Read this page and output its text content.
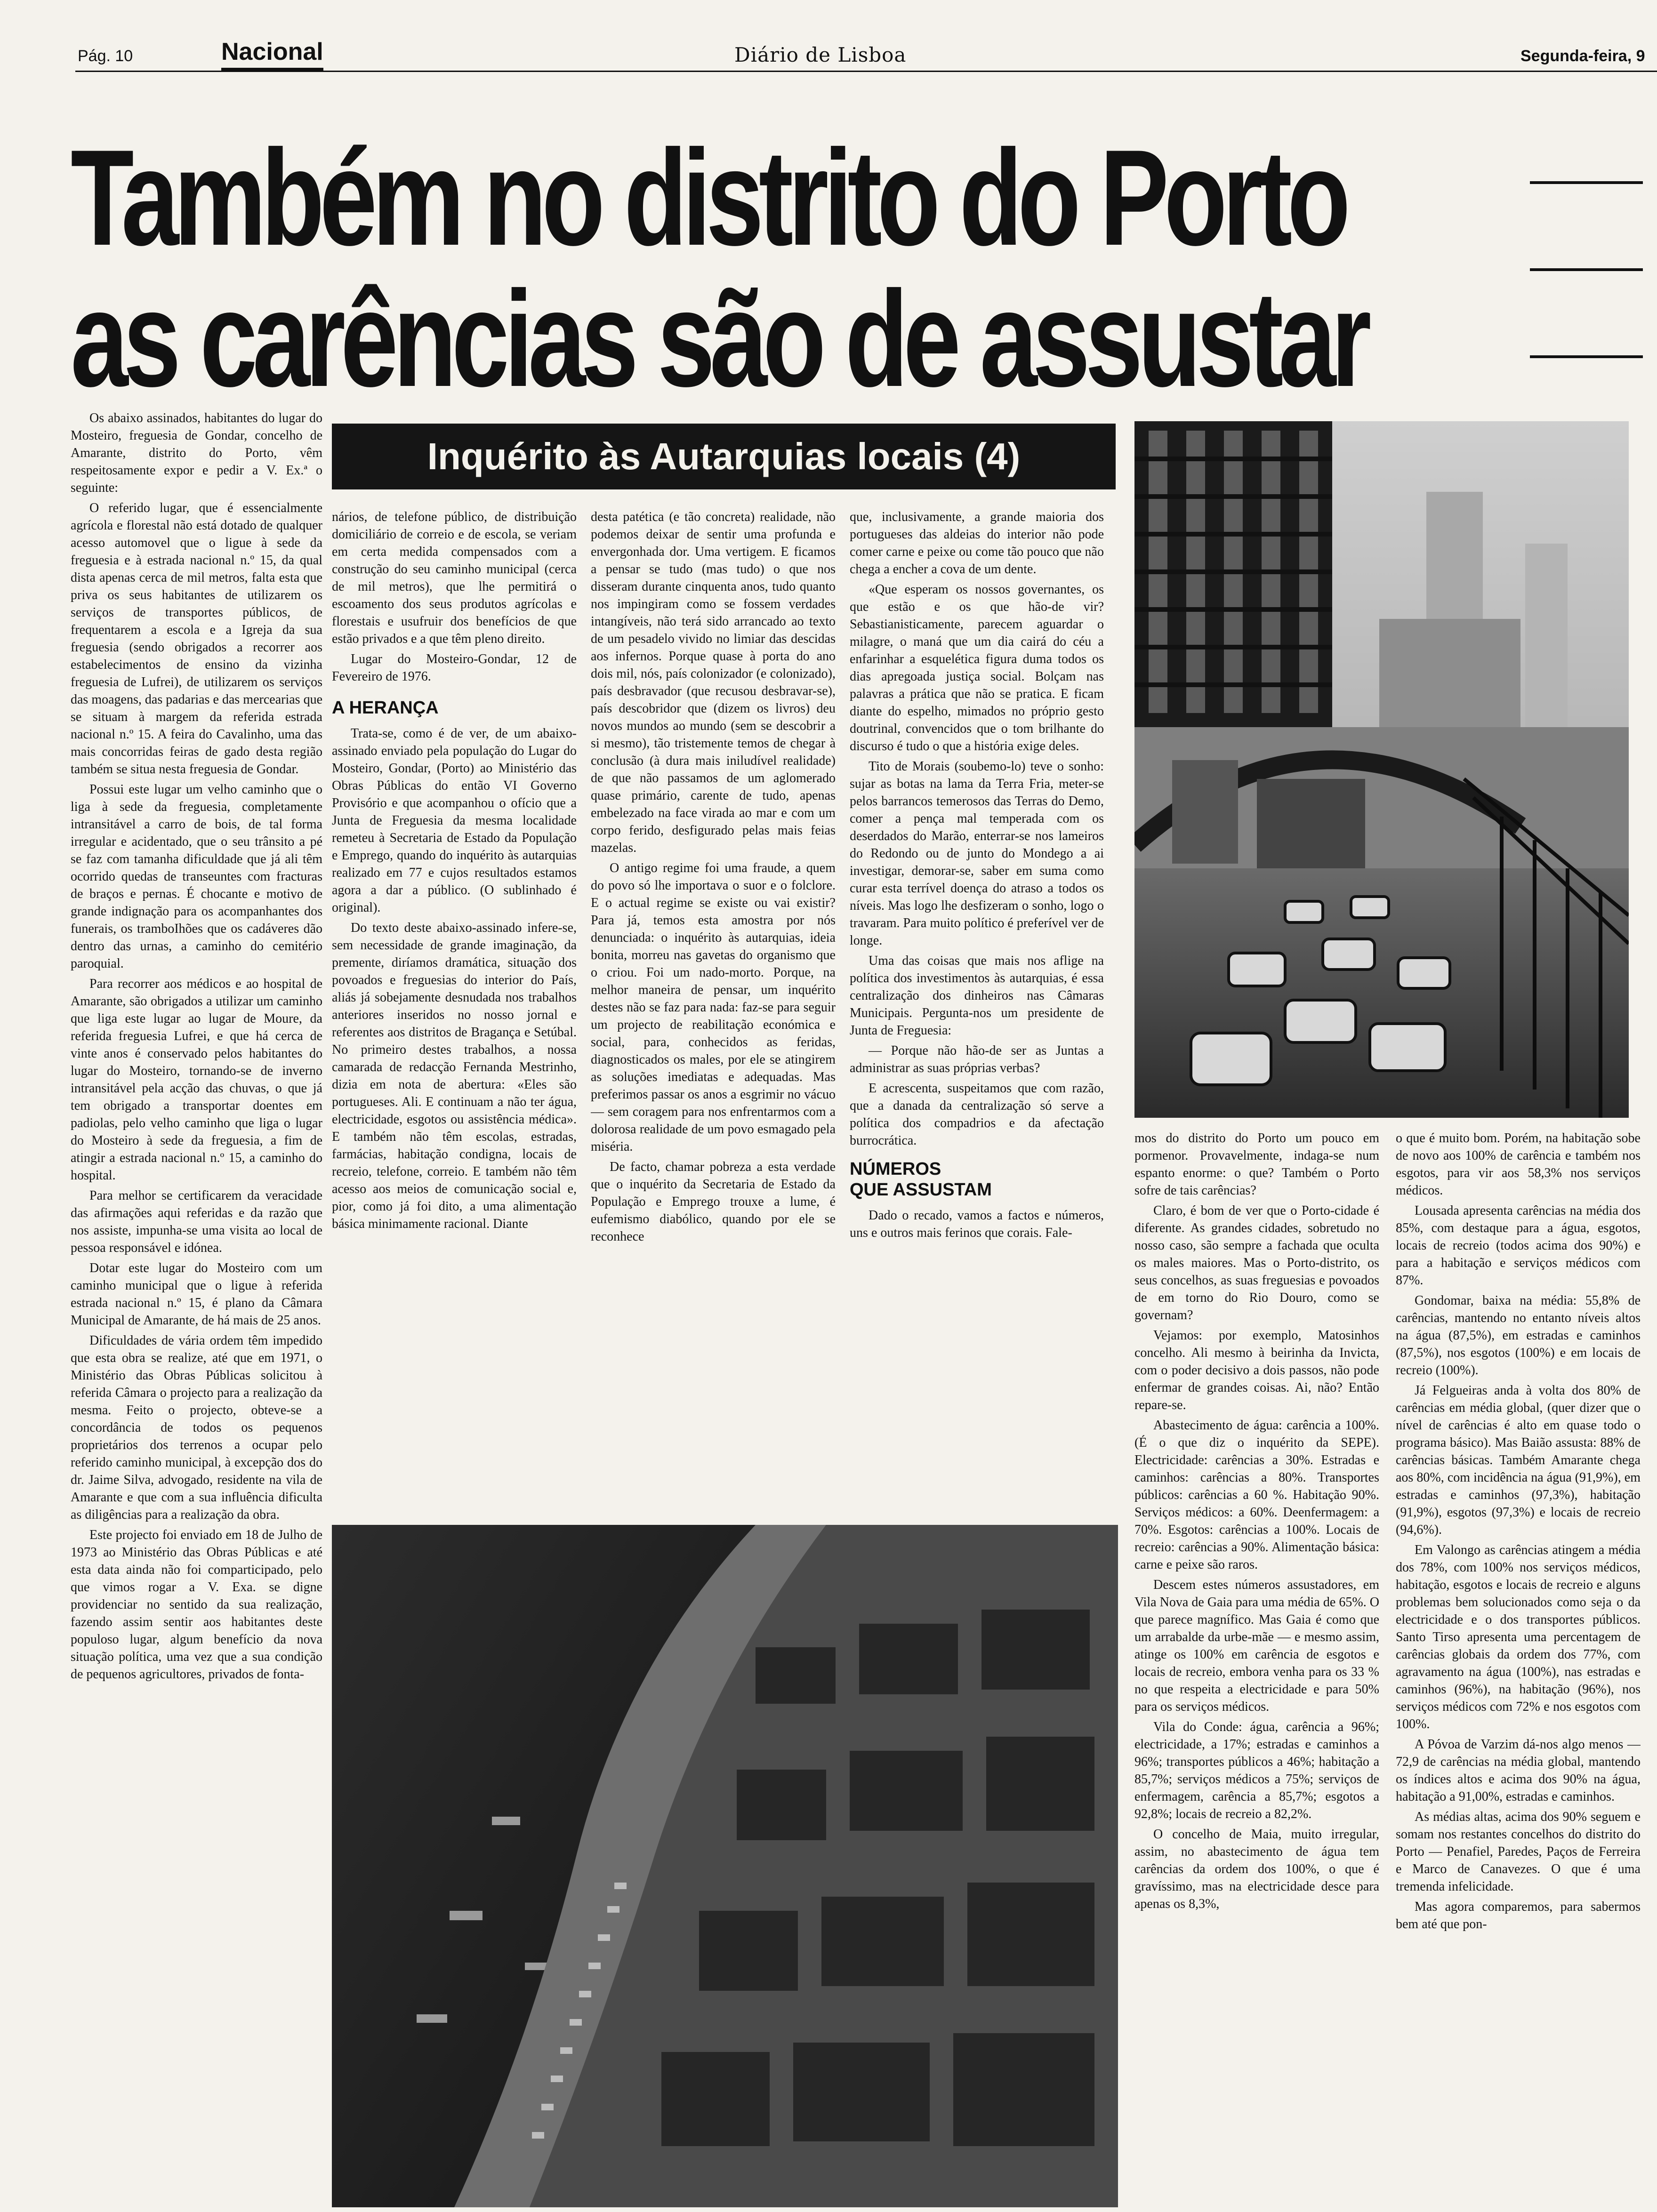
Pág. 10	Nacional	Diário de Lisboa	Segunda-feira, 9
Também no distrito do Porto
as carências são de assustar
Inquérito às Autarquias locais (4)

Os abaixo assinados, habitantes do lugar do Mosteiro, freguesia de Gondar, concelho de Amarante, distrito do Porto, vêm respeitosamente expor e pedir a V. Ex.ª o seguinte:

O referido lugar, que é essencialmente agrícola e florestal não está dotado de qualquer acesso automovel que o ligue à sede da freguesia e à estrada nacional n.º 15, da qual dista apenas cerca de mil metros, falta esta que priva os seus habitantes de utilizarem os serviços de transportes públicos, de frequentarem a escola e a Igreja da sua freguesia (sendo obrigados a recorrer aos estabelecimentos de ensino da vizinha freguesia de Lufrei), de utilizarem os serviços das moagens, das padarias e das mercearias que se situam à margem da referida estrada nacional n.º 15. A feira do Cavalinho, uma das mais concorridas feiras de gado desta região também se situa nesta freguesia de Gondar.

Possui este lugar um velho caminho que o liga à sede da freguesia, completamente intransitável a carro de bois, de tal forma irregular e acidentado, que o seu trânsito a pé se faz com tamanha dificuldade que já ali têm ocorrido quedas de transeuntes com fracturas de braços e pernas. É chocante e motivo de grande indignação para os acompanhantes dos funerais, os tramboIhões que os cadáveres dão dentro das urnas, a caminho do cemitério paroquial.

Para recorrer aos médicos e ao hospital de Amarante, são obrigados a utilizar um caminho que liga este lugar ao lugar de Moure, da referida freguesia Lufrei, e que há cerca de vinte anos é conservado pelos habitantes do lugar do Mosteiro, tornando-se de inverno intransitável pela acção das chuvas, o que já tem obrigado a transportar doentes em padiolas, pelo velho caminho que liga o lugar do Mosteiro à sede da freguesia, a fim de atingir a estrada nacional n.º 15, a caminho do hospital.

Para melhor se certificarem da veracidade das afirmações aqui referidas e da razão que nos assiste, impunha-se uma visita ao local de pessoa responsável e idónea.

Dotar este lugar do Mosteiro com um caminho municipal que o ligue à referida estrada nacional n.º 15, é plano da Câmara Municipal de Amarante, de há mais de 25 anos.

Dificuldades de vária ordem têm impedido que esta obra se realize, até que em 1971, o Ministério das Obras Públicas solicitou à referida Câmara o projecto para a realização da mesma. Feito o projecto, obteve-se a concordância de todos os pequenos proprietários dos terrenos a ocupar pelo referido caminho municipal, à excepção dos do dr. Jaime Silva, advogado, residente na vila de Amarante e que com a sua influência dificulta as diligências para a realização da obra.

Este projecto foi enviado em 18 de Julho de 1973 ao Ministério das Obras Públicas e até esta data ainda não foi comparticipado, pelo que vimos rogar a V. Exa. se digne providenciar no sentido da sua realização, fazendo assim sentir aos habitantes deste populoso lugar, algum benefício da nova situação política, uma vez que a sua condição de pequenos agricultores, privados de fonta-

nários, de telefone público, de distribuição domiciliário de correio e de escola, se veriam em certa medida compensados com a construção do seu caminho municipal (cerca de mil metros), que lhe permitirá o escoamento dos seus produtos agrícolas e florestais e usufruir dos benefícios de que estão privados e a que têm pleno direito.

Lugar do Mosteiro-Gondar, 12 de Fevereiro de 1976.

A HERANÇA

Trata-se, como é de ver, de um abaixo-assinado enviado pela população do Lugar do Mosteiro, Gondar, (Porto) ao Ministério das Obras Públicas do então VI Governo Provisório e que acompanhou o ofício que a Junta de Freguesia da mesma localidade remeteu à Secretaria de Estado da População e Emprego, quando do inquérito às autarquias realizado em 77 e cujos resultados estamos agora a dar a público. (O sublinhado é original).

Do texto deste abaixo-assinado infere-se, sem necessidade de grande imaginação, da premente, diríamos dramática, situação dos povoados e freguesias do interior do País, aliás já sobejamente desnudada nos trabalhos anteriores inseridos no nosso jornal e referentes aos distritos de Bragança e Setúbal. No primeiro destes trabalhos, a nossa camarada de redacção Fernanda Mestrinho, dizia em nota de abertura: «Eles são portugueses. Ali. E continuam a não ter água, electricidade, esgotos ou assistência médica». E também não têm escolas, estradas, farmácias, habitação condigna, locais de recreio, telefone, correio. E também não têm acesso aos meios de comunicação social e, pior, como já foi dito, a uma alimentação básica minimamente racional. Diante

desta patética (e tão concreta) realidade, não podemos deixar de sentir uma profunda e envergonhada dor. Uma vertigem. E ficamos a pensar se tudo (mas tudo) o que nos disseram durante cinquenta anos, tudo quanto nos impingiram como se fossem verdades intangíveis, não terá sido arrancado ao texto de um pesadelo vivido no limiar das descidas aos infernos. Porque quase à porta do ano dois mil, nós, país colonizador (e colonizado), país desbravador (que recusou desbravar-se), país descobridor que (dizem os livros) deu novos mundos ao mundo (sem se descobrir a si mesmo), tão tristemente temos de chegar à conclusão (à dura mais iniludível realidade) de que não passamos de um aglomerado quase primário, carente de tudo, apenas embelezado na face virada ao mar e com um corpo ferido, desfigurado pelas mais feias mazelas.

O antigo regime foi uma fraude, a quem do povo só lhe importava o suor e o folclore. E o actual regime se existe ou vai existir? Para já, temos esta amostra por nós denunciada: o inquérito às autarquias, ideia bonita, morreu nas gavetas do organismo que o criou. Foi um nado-morto. Porque, na melhor maneira de pensar, um inquérito destes não se faz para nada: faz-se para seguir um projecto de reabilitação económica e social, para, conhecidos as feridas, diagnosticados os males, por ele se atingirem as soluções imediatas e adequadas. Mas preferimos passar os anos a esgrimir no vácuo — sem coragem para nos enfrentarmos com a dolorosa realidade de um povo esmagado pela miséria.

De facto, chamar pobreza a esta verdade que o inquérito da Secretaria de Estado da População e Emprego trouxe a lume, é eufemismo diabólico, quando por ele se reconhece

que, inclusivamente, a grande maioria dos portugueses das aldeias do interior não pode comer carne e peixe ou come tão pouco que não chega a encher a cova de um dente.

«Que esperam os nossos governantes, os que estão e os que hão-de vir? Sebastianisticamente, parecem aguardar o milagre, o maná que um dia cairá do céu a enfarinhar a esquelética figura duma todos os dias apregoada justiça social. Bolçam nas palavras a prática que não se pratica. E ficam diante do espelho, mimados no próprio gesto doutrinal, convencidos que o tom brilhante do discurso é tudo o que a história exige deles.

Tito de Morais (soubemo-lo) teve o sonho: sujar as botas na lama da Terra Fria, meter-se pelos barrancos temerosos das Terras do Demo, comer a pença mal temperada com os deserdados do Marão, enterrar-se nos lameiros do Redondo ou de junto do Mondego a ai investigar, demorar-se, saber em suma como curar esta terrível doença do atraso a todos os níveis. Mas logo lhe desfizeram o sonho, logo o travaram. Para muito político é preferível ver de longe.

Uma das coisas que mais nos aflige na política dos investimentos às autarquias, é essa centralização dos dinheiros nas Câmaras Municipais. Pergunta-nos um presidente de Junta de Freguesia:

— Porque não hão-de ser as Juntas a administrar as suas próprias verbas?

E acrescenta, suspeitamos que com razão, que a danada da centralização só serve a política dos compadrios e da afectação burrocrática.

NÚMEROS
QUE ASSUSTAM

Dado o recado, vamos a factos e números, uns e outros mais ferinos que corais. Fale-

mos do distrito do Porto um pouco em pormenor. Provavelmente, indaga-se num espanto enorme: o que? Também o Porto sofre de tais carências?

Claro, é bom de ver que o Porto-cidade é diferente. As grandes cidades, sobretudo no nosso caso, são sempre a fachada que oculta os males maiores. Mas o Porto-distrito, os seus concelhos, as suas freguesias e povoados de em torno do Rio Douro, como se governam?

Vejamos: por exemplo, Matosinhos concelho. Ali mesmo à beirinha da Invicta, com o poder decisivo a dois passos, não pode enfermar de grandes coisas. Ai, não? Então repare-se.

Abastecimento de água: carência a 100%. (É o que diz o inquérito da SEPE). Electricidade: carências a 30%. Estradas e caminhos: carências a 80%. Transportes públicos: carências a 60 %. Habitação 90%. Serviços médicos: a 60%. Deenfermagem: a 70%. Esgotos: carências a 100%. Locais de recreio: carências a 90%. Alimentação básica: carne e peixe são raros.

Descem estes números assustadores, em Vila Nova de Gaia para uma média de 65%. O que parece magnífico. Mas Gaia é como que um arrabalde da urbe-mãe — e mesmo assim, atinge os 100% em carência de esgotos e locais de recreio, embora venha para os 33 % no que respeita a electricidade e para 50% para os serviços médicos.

Vila do Conde: água, carência a 96%; electricidade, a 17%; estradas e caminhos a 96%; transportes públicos a 46%; habitação a 85,7%; serviços médicos a 75%; serviços de enfermagem, carência a 85,7%; esgotos a 92,8%; locais de recreio a 82,2%.

O concelho de Maia, muito irregular, assim, no abastecimento de água tem carências da ordem dos 100%, o que é gravíssimo, mas na electricidade desce para apenas os 8,3%,

o que é muito bom. Porém, na habitação sobe de novo aos 100% de carência e também nos esgotos, para vir aos 58,3% nos serviços médicos.

Lousada apresenta carências na média dos 85%, com destaque para a água, esgotos, locais de recreio (todos acima dos 90%) e para a habitação e serviços médicos com 87%.

Gondomar, baixa na média: 55,8% de carências, mantendo no entanto níveis altos na água (87,5%), em estradas e caminhos (87,5%), nos esgotos (100%) e em locais de recreio (100%).

Já Felgueiras anda à volta dos 80% de carências em média global, (quer dizer que o nível de carências é alto em quase todo o programa básico). Mas Baião assusta: 88% de carências básicas. Também Amarante chega aos 80%, com incidência na água (91,9%), em estradas e caminhos (97,3%), habitação (91,9%), esgotos (97,3%) e locais de recreio (94,6%).

Em Valongo as carências atingem a média dos 78%, com 100% nos serviços médicos, habitação, esgotos e locais de recreio e alguns problemas bem solucionados como seja o da electricidade e o dos transportes públicos. Santo Tirso apresenta uma percentagem de carências globais da ordem dos 77%, com agravamento na água (100%), nas estradas e caminhos (96%), na habitação (96%), nos serviços médicos com 72% e nos esgotos com 100%.

A Póvoa de Varzim dá-nos algo menos — 72,9 de carências na média global, mantendo os índices altos e acima dos 90% na água, habitação a 91,00%, estradas e caminhos.

As médias altas, acima dos 90% seguem e somam nos restantes concelhos do distrito do Porto — Penafiel, Paredes, Paços de Ferreira e Marco de Canavezes. O que é uma tremenda infelicidade.

Mas agora comparemos, para sabermos bem até que pon-
